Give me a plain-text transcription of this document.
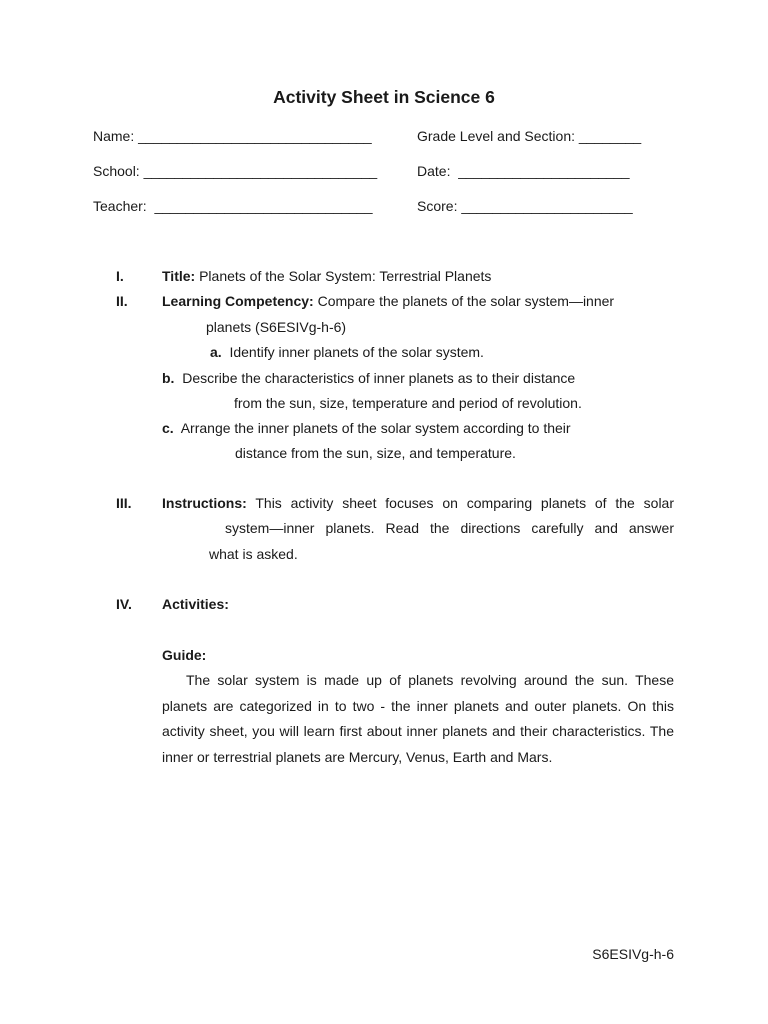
Activity Sheet in Science 6
Name: ______________________________	Grade Level and Section: ________
School: ______________________________	Date: ______________________
Teacher: ____________________________	Score: ______________________
I.	Title: Planets of the Solar System: Terrestrial Planets
II. Learning Competency: Compare the planets of the solar system—inner
planets (S6ESIVg-h-6)
a. Identify inner planets of the solar system.
b. Describe the characteristics of inner planets as to their distance
from the sun, size, temperature and period of revolution.
c. Arrange the inner planets of the solar system according to their
distance from the sun, size, and temperature.
III. Instructions: This activity sheet focuses on comparing planets of the solar
system—inner planets. Read the directions carefully and answer
what is asked.
IV. Activities:
Guide:

The solar system is made up of planets revolving around the sun. These planets are categorized in to two - the inner planets and outer planets. On this activity sheet, you will learn first about inner planets and their characteristics. The inner or terrestrial planets are Mercury, Venus, Earth and Mars.

S6ESIVg-h-6
